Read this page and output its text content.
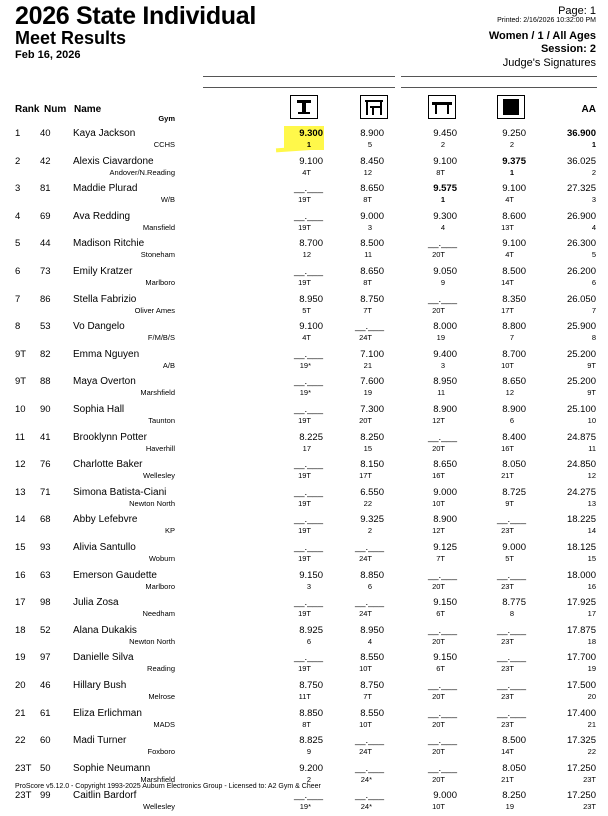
2026 State Individual
Meet Results
Feb 16, 2026
Page: 1
Printed: 2/16/2026 10:32:00 PM
Women / 1 / All Ages
Session: 2
Judge's Signatures
Rank Num Name
Gym
AA
1 40 Kaya Jackson
CCHS
9.300
1
8.900
5
9.450
2
9.250
2
36.900
1
2 42 Alexis Ciavardone
Andover/N.Reading
9.100
4T
8.450
12
9.100
8T
9.375
1
36.025
2
3 81 Maddie Plurad
W/B
__.___
19T
8.650
8T
9.575
1
9.100
4T
27.325
3
4 69 Ava Redding
Mansfield
__.___
19T
9.000
3
9.300
4
8.600
13T
26.900
4
5 44 Madison Ritchie
Stoneham
8.700
12
8.500
11
__.___
20T
9.100
4T
26.300
5
6 73 Emily Kratzer
Marlboro
__.___
19T
8.650
8T
9.050
9
8.500
14T
26.200
6
7 86 Stella Fabrizio
Oliver Ames
8.950
5T
8.750
7T
__.___
20T
8.350
17T
26.050
7
8 53 Vo Dangelo
F/M/B/S
9.100
4T
__.___
24T
8.000
19
8.800
7
25.900
8
9T 82 Emma Nguyen
A/B
__.___
19*
7.100
21
9.400
3
8.700
10T
25.200
9T
9T 88 Maya Overton
Marshfield
__.___
19*
7.600
19
8.950
11
8.650
12
25.200
9T
10 90 Sophia Hall
Taunton
__.___
19T
7.300
20T
8.900
12T
8.900
6
25.100
10
11 41 Brooklynn Potter
Haverhill
8.225
17
8.250
15
__.___
20T
8.400
16T
24.875
11
12 76 Charlotte Baker
Wellesley
__.___
19T
8.150
17T
8.650
16T
8.050
21T
24.850
12
13 71 Simona Batista-Ciani
Newton North
__.___
19T
6.550
22
9.000
10T
8.725
9T
24.275
13
14 68 Abby Lefebvre
KP
__.___
19T
9.325
2
8.900
12T
__.___
23T
18.225
14
15 93 Alivia Santullo
Woburn
__.___
19T
__.___
24T
9.125
7T
9.000
5T
18.125
15
16 63 Emerson Gaudette
Marlboro
9.150
3
8.850
6
__.___
20T
__.___
23T
18.000
16
17 98 Julia Zosa
Needham
__.___
19T
__.___
24T
9.150
6T
8.775
8
17.925
17
18 52 Alana Dukakis
Newton North
8.925
6
8.950
4
__.___
20T
__.___
23T
17.875
18
19 97 Danielle Silva
Reading
__.___
19T
8.550
10T
9.150
6T
__.___
23T
17.700
19
20 46 Hillary Bush
Melrose
8.750
11T
8.750
7T
__.___
20T
__.___
23T
17.500
20
21 61 Eliza Erlichman
MADS
8.850
8T
8.550
10T
__.___
20T
__.___
23T
17.400
21
22 60 Madi Turner
Foxboro
8.825
9
__.___
24T
__.___
20T
8.500
14T
17.325
22
23T 50 Sophie Neumann
Marshfield
9.200
2
__.___
24*
__.___
20T
8.050
21T
17.250
23T
23T 99 Caitlin Bardorf
Wellesley
__.___
19*
__.___
24*
9.000
10T
8.250
19
17.250
23T
ProScore v5.12.0 - Copyright 1993-2025 Auburn Electronics Group - Licensed to: A2 Gym & Cheer
